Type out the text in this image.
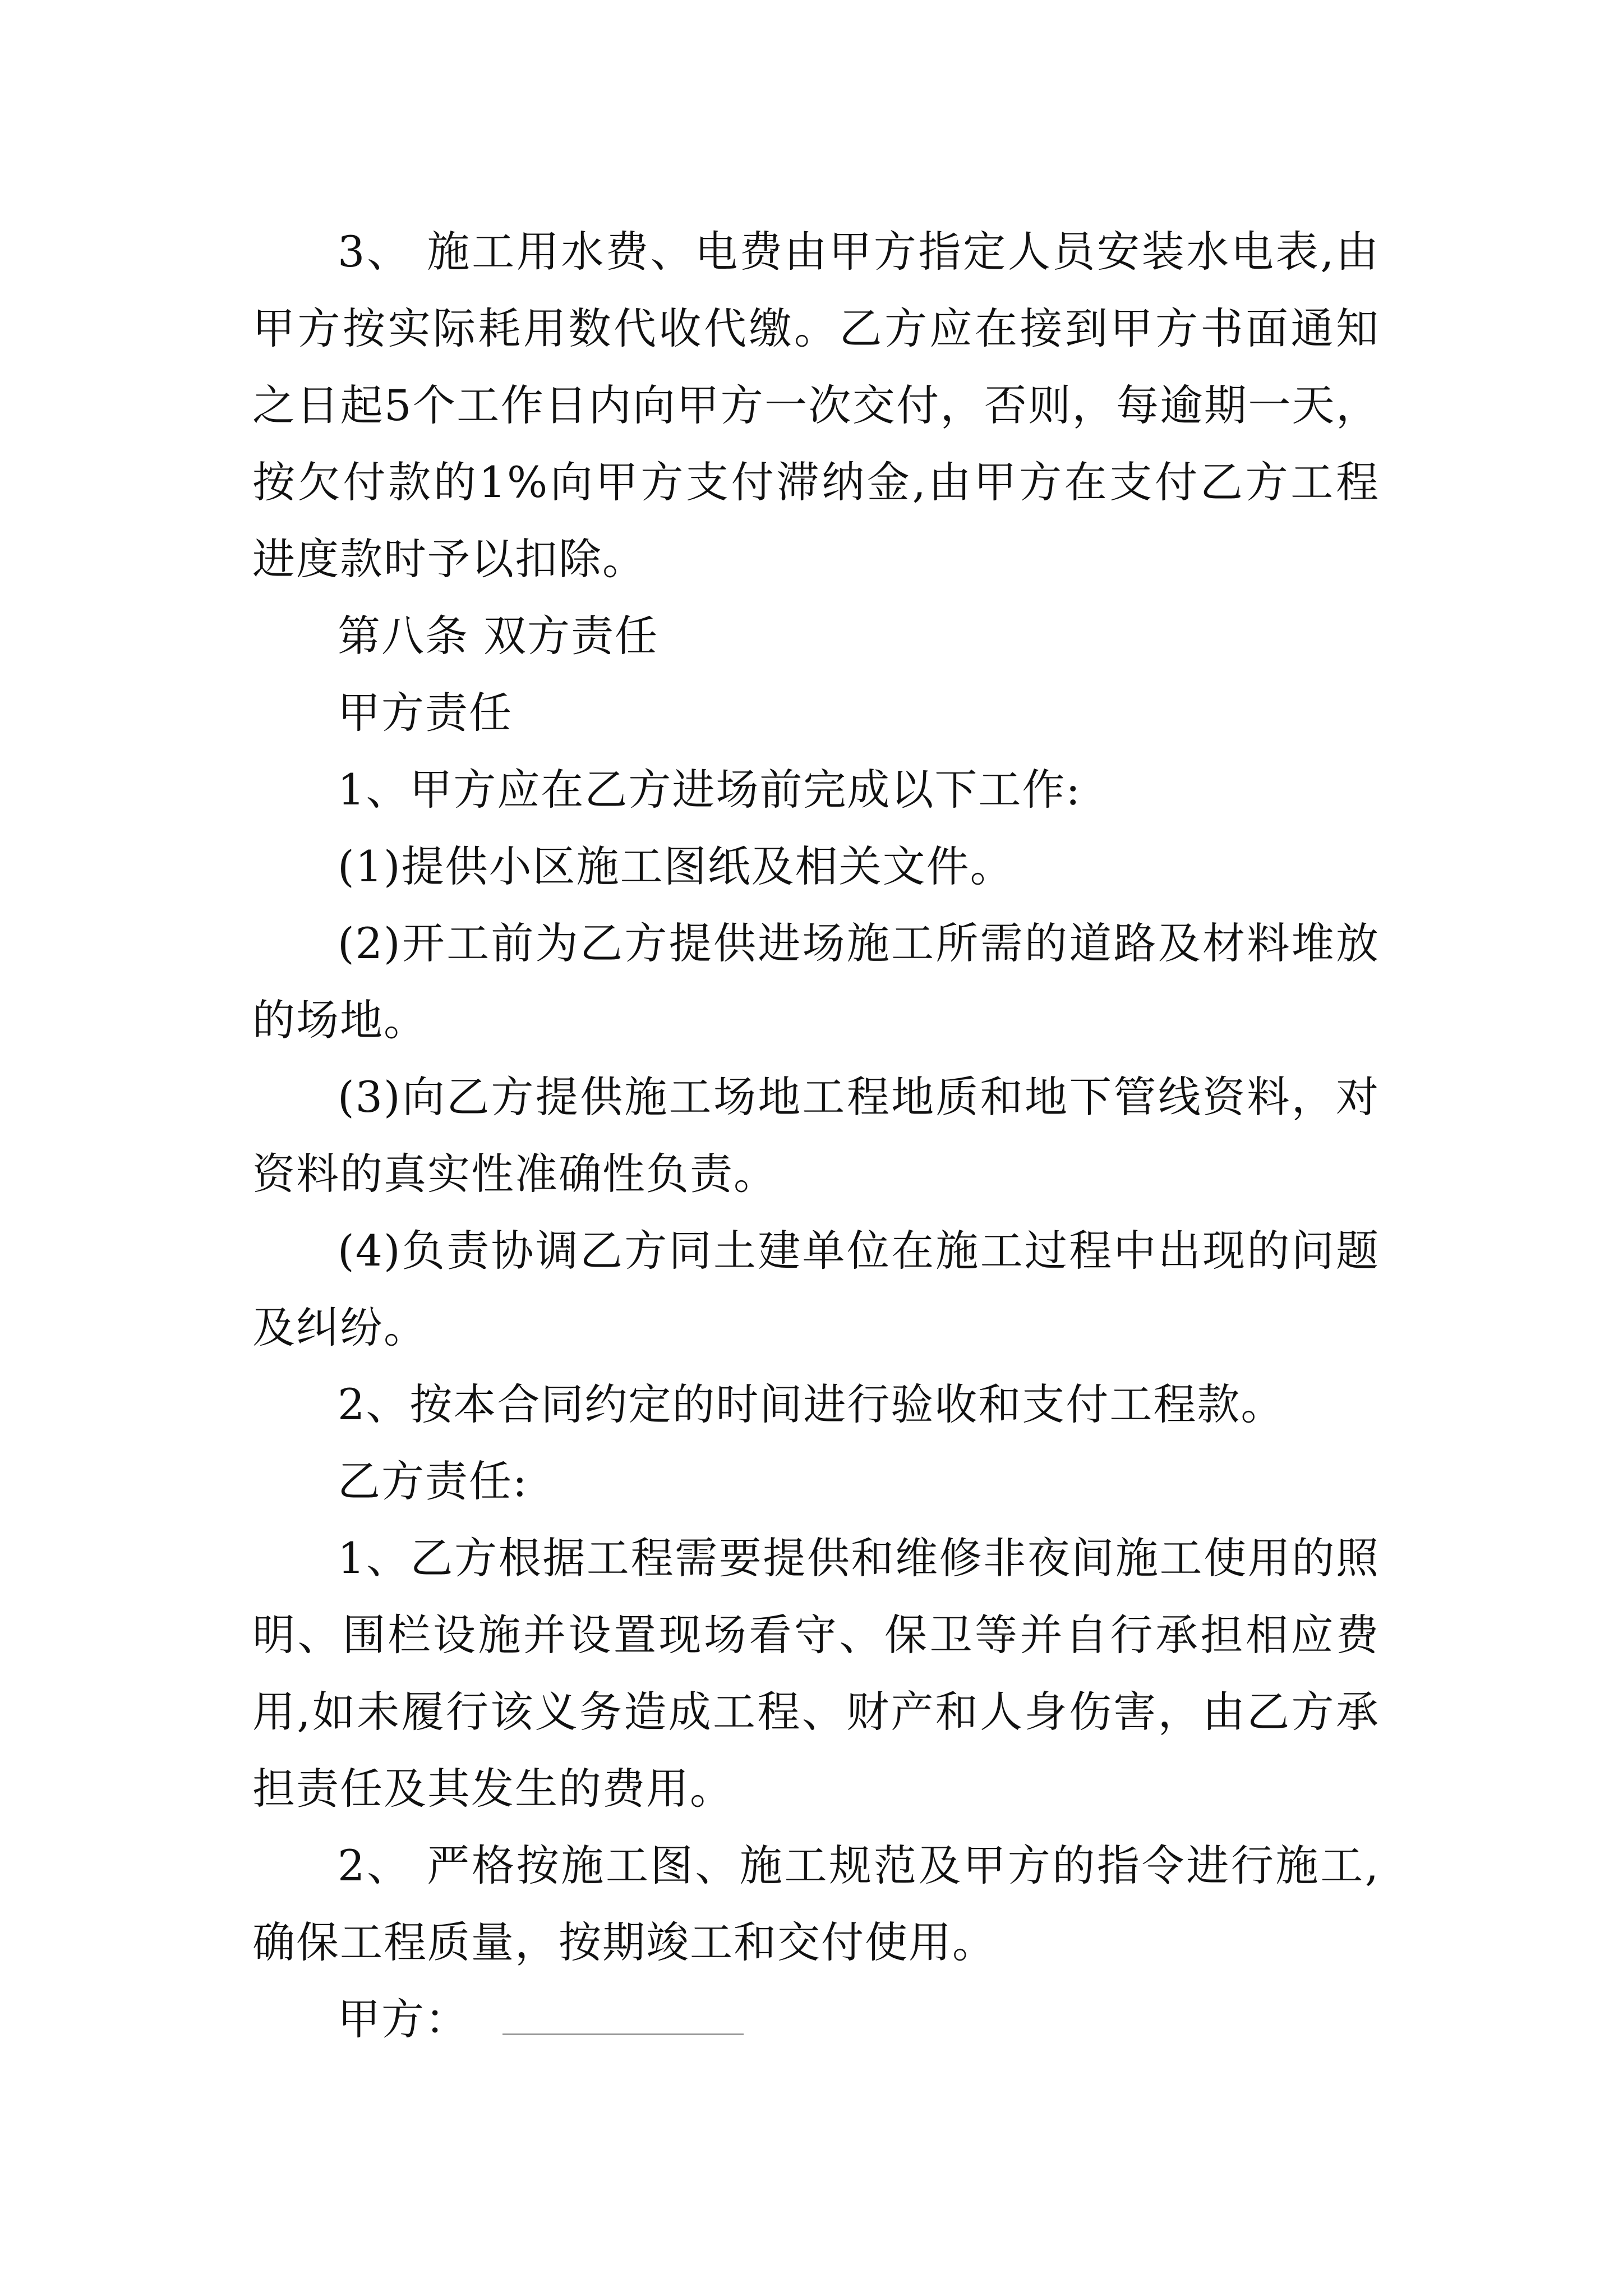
3、 施工用水费、电费由甲方指定人员安装水电表,由甲方按实际耗用数代收代缴。乙方应在接到甲方书面通知之日起5个工作日内向甲方一次交付，否则，每逾期一天，按欠付款的1%向甲方支付滞纳金,由甲方在支付乙方工程进度款时予以扣除。

第八条 双方责任

甲方责任

1、甲方应在乙方进场前完成以下工作:

(1)提供小区施工图纸及相关文件。

(2)开工前为乙方提供进场施工所需的道路及材料堆放的场地。

(3)向乙方提供施工场地工程地质和地下管线资料，对资料的真实性准确性负责。

(4)负责协调乙方同土建单位在施工过程中出现的问题及纠纷。

2、按本合同约定的时间进行验收和支付工程款。

乙方责任:

1、乙方根据工程需要提供和维修非夜间施工使用的照明、围栏设施并设置现场看守、保卫等并自行承担相应费用,如未履行该义务造成工程、财产和人身伤害，由乙方承担责任及其发生的费用。

2、 严格按施工图、施工规范及甲方的指令进行施工,确保工程质量，按期竣工和交付使用。

甲方：
